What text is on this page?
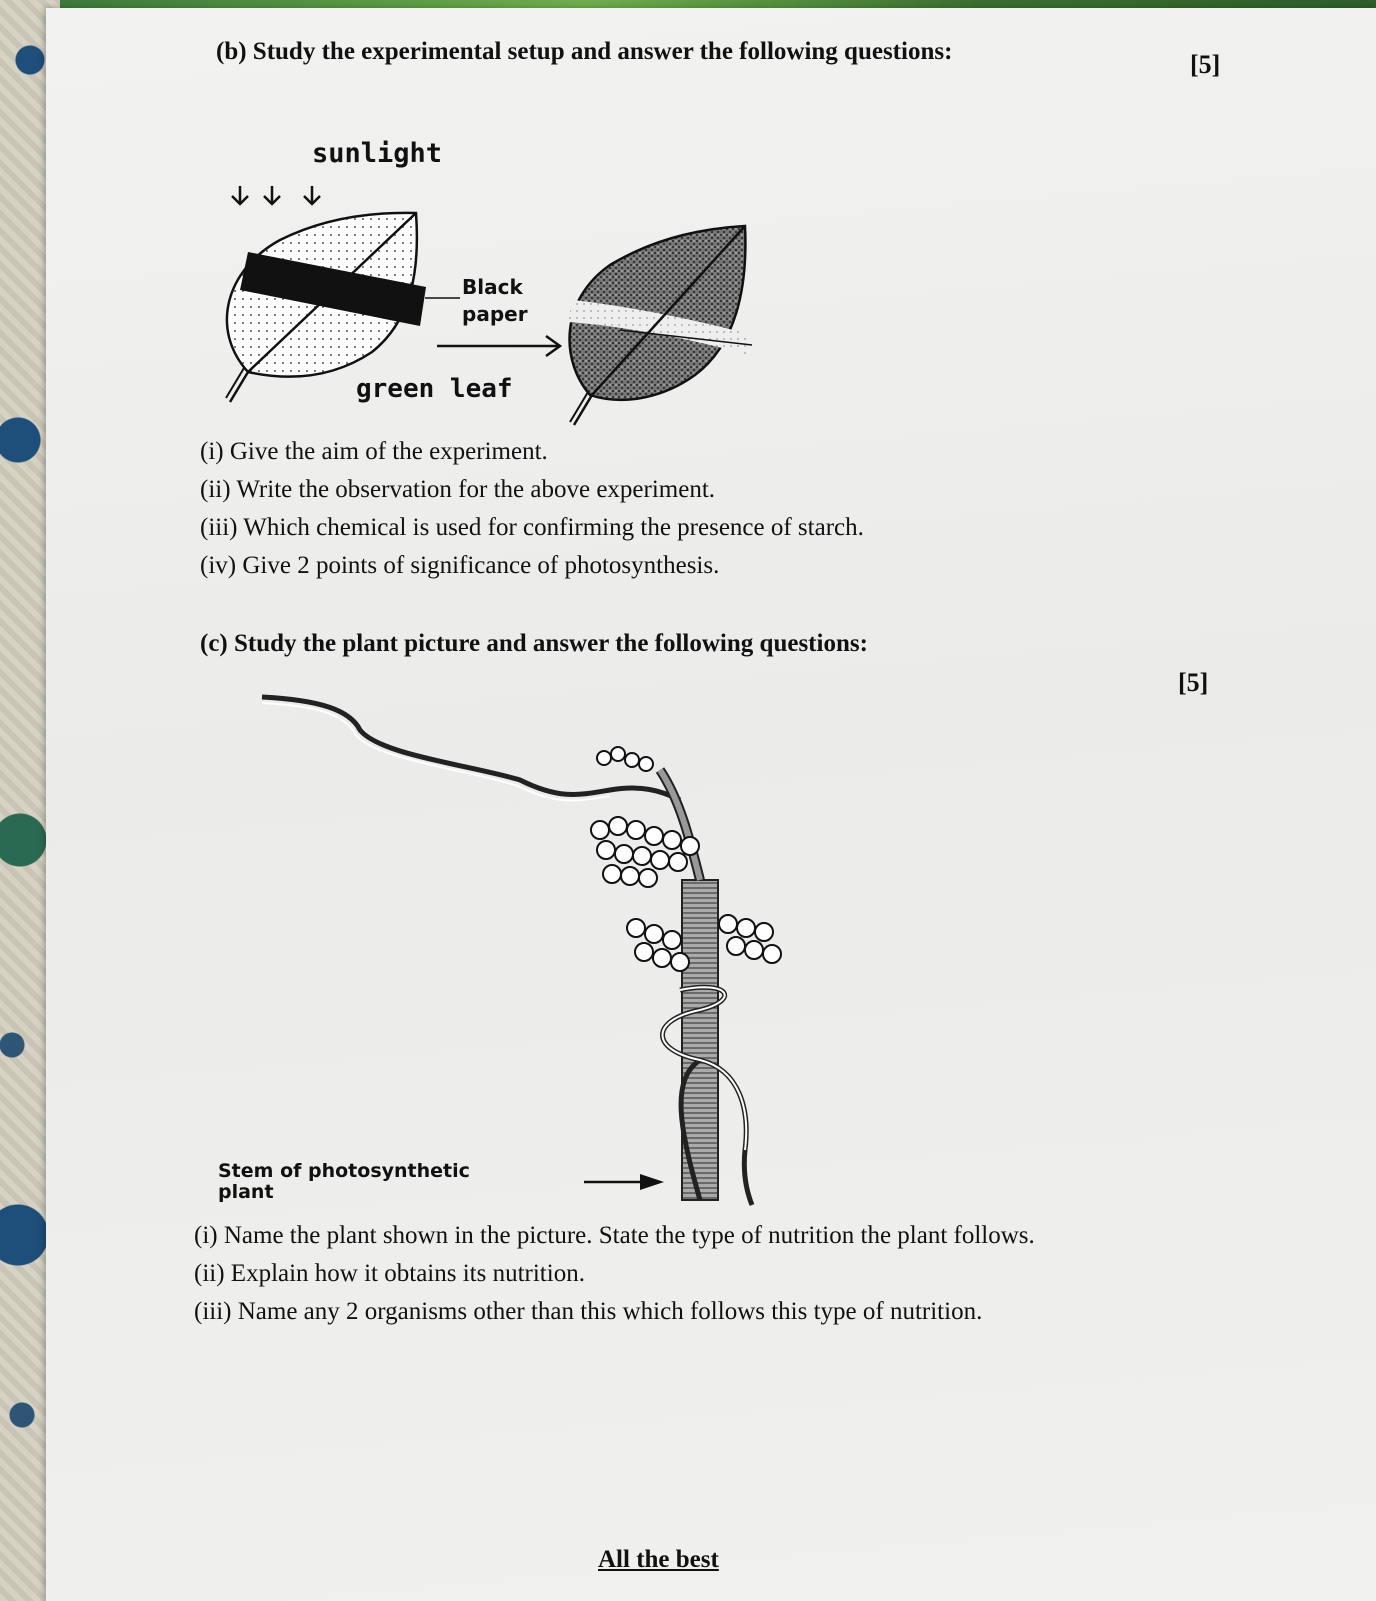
(b) Study the experimental setup and answer the following questions:	[5]
sunlight
Black
paper
green leaf
(i) Give the aim of the experiment.
(ii) Write the observation for the above experiment.
(iii) Which chemical is used for confirming the presence of starch.
(iv) Give 2 points of significance of photosynthesis.
(c) Study the plant picture and answer the following questions:
[5]
Stem of photosynthetic
plant
(i) Name the plant shown in the picture. State the type of nutrition the plant follows.
(ii) Explain how it obtains its nutrition.
(iii) Name any 2 organisms other than this which follows this type of nutrition.
All the best
